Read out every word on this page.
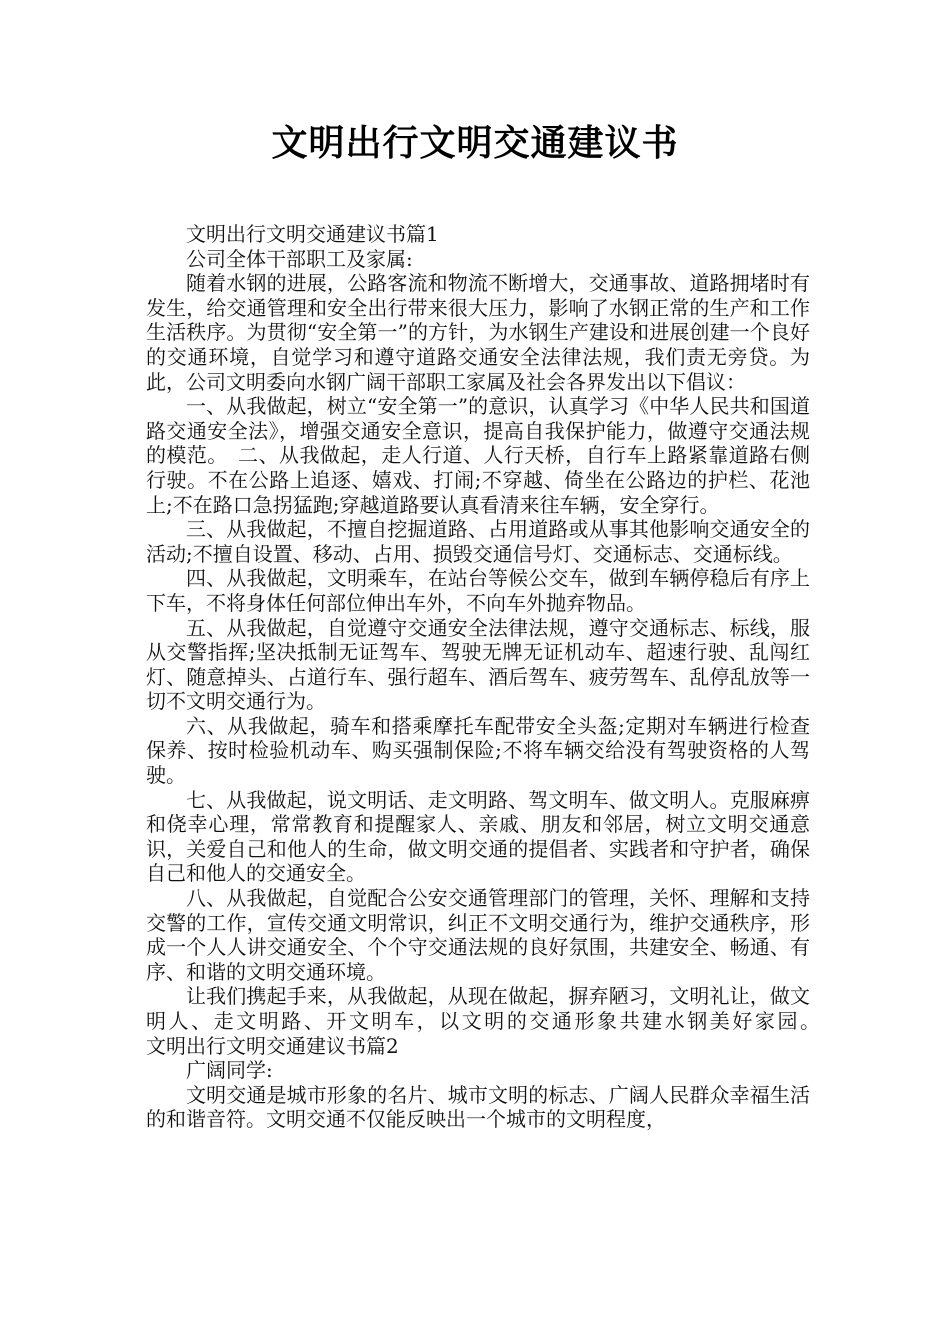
文明出行文明交通建议书

文明出行文明交通建议书篇1

公司全体干部职工及家属:

随着水钢的进展，公路客流和物流不断增大，交通事故、道路拥堵时有发生，给交通管理和安全出行带来很大压力，影响了水钢正常的生产和工作生活秩序。为贯彻“安全第一”的方针，为水钢生产建设和进展创建一个良好的交通环境，自觉学习和遵守道路交通安全法律法规，我们责无旁贷。为此，公司文明委向水钢广阔干部职工家属及社会各界发出以下倡议：

一、从我做起，树立“安全第一”的意识，认真学习《中华人民共和国道路交通安全法》，增强交通安全意识，提高自我保护能力，做遵守交通法规的模范。　二、从我做起，走人行道、人行天桥，自行车上路紧靠道路右侧行驶。不在公路上追逐、嬉戏、打闹;不穿越、倚坐在公路边的护栏、花池上;不在路口急拐猛跑;穿越道路要认真看清来往车辆，安全穿行。

三、从我做起，不擅自挖掘道路、占用道路或从事其他影响交通安全的活动;不擅自设置、移动、占用、损毁交通信号灯、交通标志、交通标线。

四、从我做起，文明乘车，在站台等候公交车，做到车辆停稳后有序上下车，不将身体任何部位伸出车外，不向车外抛弃物品。

五、从我做起，自觉遵守交通安全法律法规，遵守交通标志、标线，服从交警指挥;坚决抵制无证驾车、驾驶无牌无证机动车、超速行驶、乱闯红灯、随意掉头、占道行车、强行超车、酒后驾车、疲劳驾车、乱停乱放等一切不文明交通行为。

六、从我做起，骑车和搭乘摩托车配带安全头盔;定期对车辆进行检查保养、按时检验机动车、购买强制保险;不将车辆交给没有驾驶资格的人驾驶。

七、从我做起，说文明话、走文明路、驾文明车、做文明人。克服麻痹和侥幸心理，常常教育和提醒家人、亲戚、朋友和邻居，树立文明交通意识，关爱自己和他人的生命，做文明交通的提倡者、实践者和守护者，确保自己和他人的交通安全。

八、从我做起，自觉配合公安交通管理部门的管理，关怀、理解和支持交警的工作，宣传交通文明常识，纠正不文明交通行为，维护交通秩序，形成一个人人讲交通安全、个个守交通法规的良好氛围，共建安全、畅通、有序、和谐的文明交通环境。

让我们携起手来，从我做起，从现在做起，摒弃陋习，文明礼让，做文明人、走文明路、开文明车，以文明的交通形象共建水钢美好家园。　　　文明出行文明交通建议书篇2

广阔同学:

文明交通是城市形象的名片、城市文明的标志、广阔人民群众幸福生活的和谐音符。文明交通不仅能反映出一个城市的文明程度，
